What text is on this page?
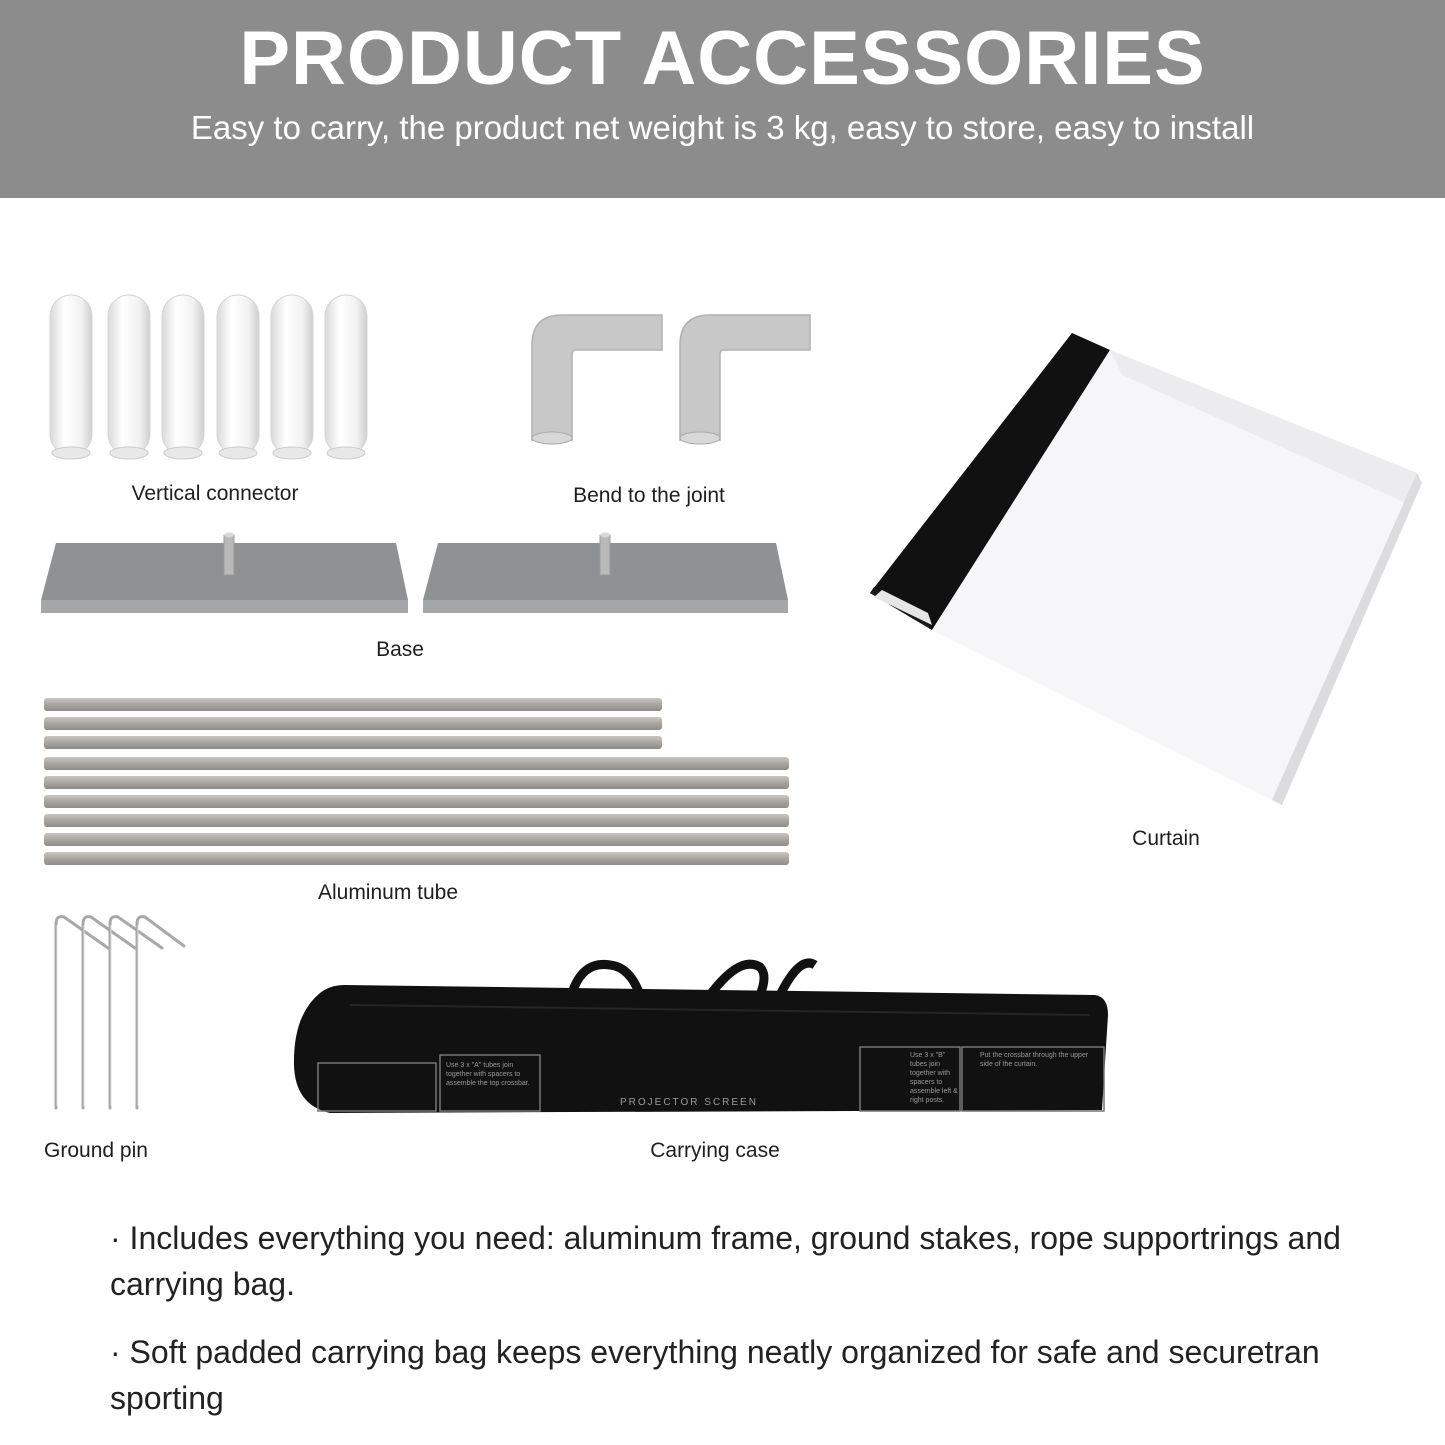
PRODUCT ACCESSORIES
Easy to carry, the product net weight is 3 kg, easy to store, easy to install
Vertical connector	Bend to the joint
Base
Curtain
Aluminum tube
Ground pin
Use 3 x "A" tubes join together with spacers to assemble the top crossbar.
Use 3 x "B" tubes join together with spacers to assemble left & right posts.
Put the crossbar through the upper side of the curtain.
PROJECTOR SCREEN
Carrying case

· Includes everything you need: aluminum frame, ground stakes, rope supportrings and carrying bag.

· Soft padded carrying bag keeps everything neatly organized for safe and securetran sporting
